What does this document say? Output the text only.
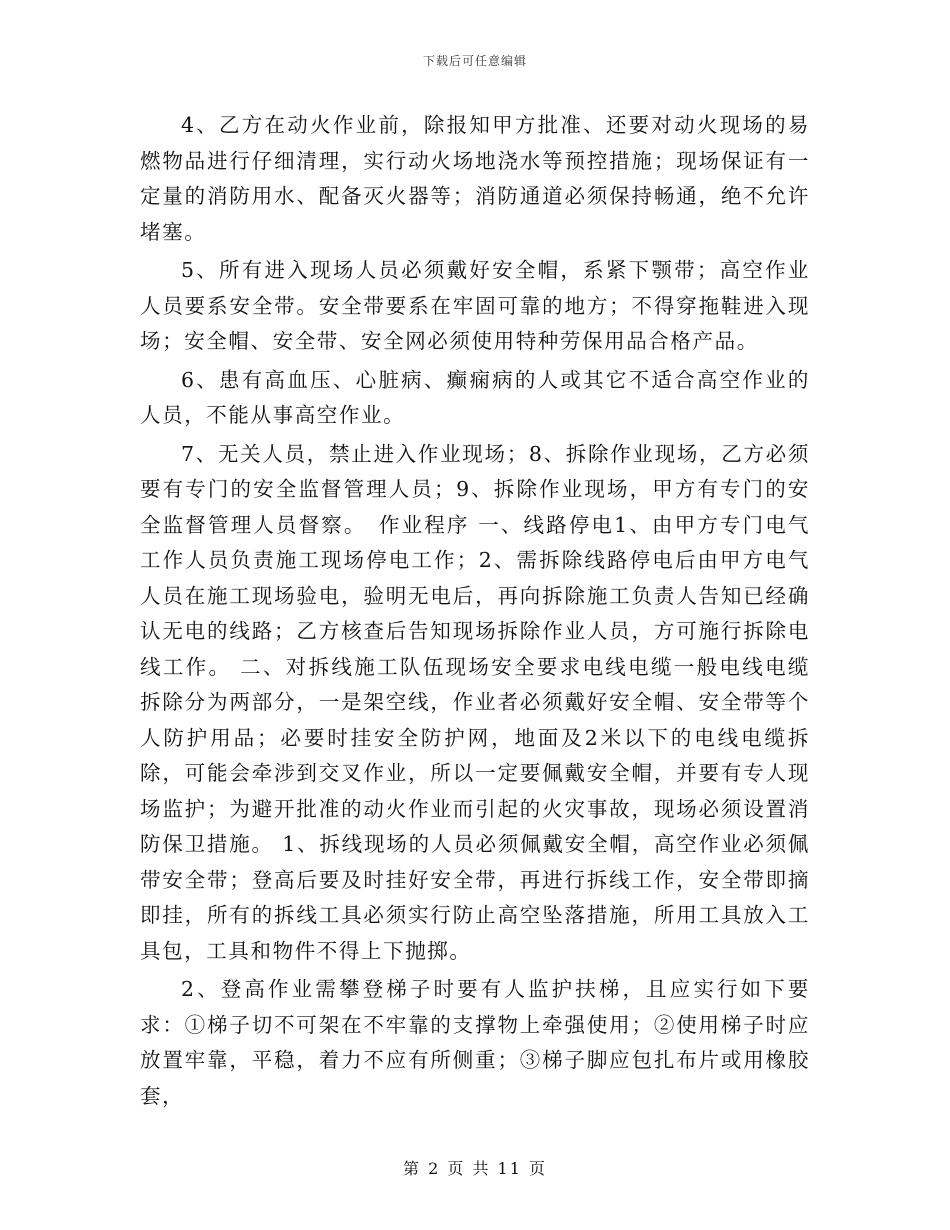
下载后可任意编辑

4、乙方在动火作业前，除报知甲方批准、还要对动火现场的易燃物品进行仔细清理，实行动火场地浇水等预控措施；现场保证有一定量的消防用水、配备灭火器等；消防通道必须保持畅通，绝不允许堵塞。

5、所有进入现场人员必须戴好安全帽，系紧下颚带；高空作业人员要系安全带。安全带要系在牢固可靠的地方；不得穿拖鞋进入现场；安全帽、安全带、安全网必须使用特种劳保用品合格产品。

6、患有高血压、心脏病、癫痫病的人或其它不适合高空作业的人员，不能从事高空作业。

7、无关人员，禁止进入作业现场；8、拆除作业现场，乙方必须要有专门的安全监督管理人员；9、拆除作业现场，甲方有专门的安全监督管理人员督察。　作业程序 一、线路停电1、由甲方专门电气工作人员负责施工现场停电工作；2、需拆除线路停电后由甲方电气人员在施工现场验电，验明无电后，再向拆除施工负责人告知已经确认无电的线路；乙方核查后告知现场拆除作业人员，方可施行拆除电线工作。 二、对拆线施工队伍现场安全要求电线电缆一般电线电缆拆除分为两部分，一是架空线，作业者必须戴好安全帽、安全带等个人防护用品；必要时挂安全防护网，地面及2米以下的电线电缆拆除，可能会牵涉到交叉作业，所以一定要佩戴安全帽，并要有专人现场监护；为避开批准的动火作业而引起的火灾事故，现场必须设置消防保卫措施。 1、拆线现场的人员必须佩戴安全帽，高空作业必须佩带安全带；登高后要及时挂好安全带，再进行拆线工作，安全带即摘即挂，所有的拆线工具必须实行防止高空坠落措施，所用工具放入工具包，工具和物件不得上下抛掷。

2、登高作业需攀登梯子时要有人监护扶梯，且应实行如下要求：①梯子切不可架在不牢靠的支撑物上牵强使用；②使用梯子时应放置牢靠，平稳，着力不应有所侧重；③梯子脚应包扎布片或用橡胶套，

第 2 页 共 11 页
